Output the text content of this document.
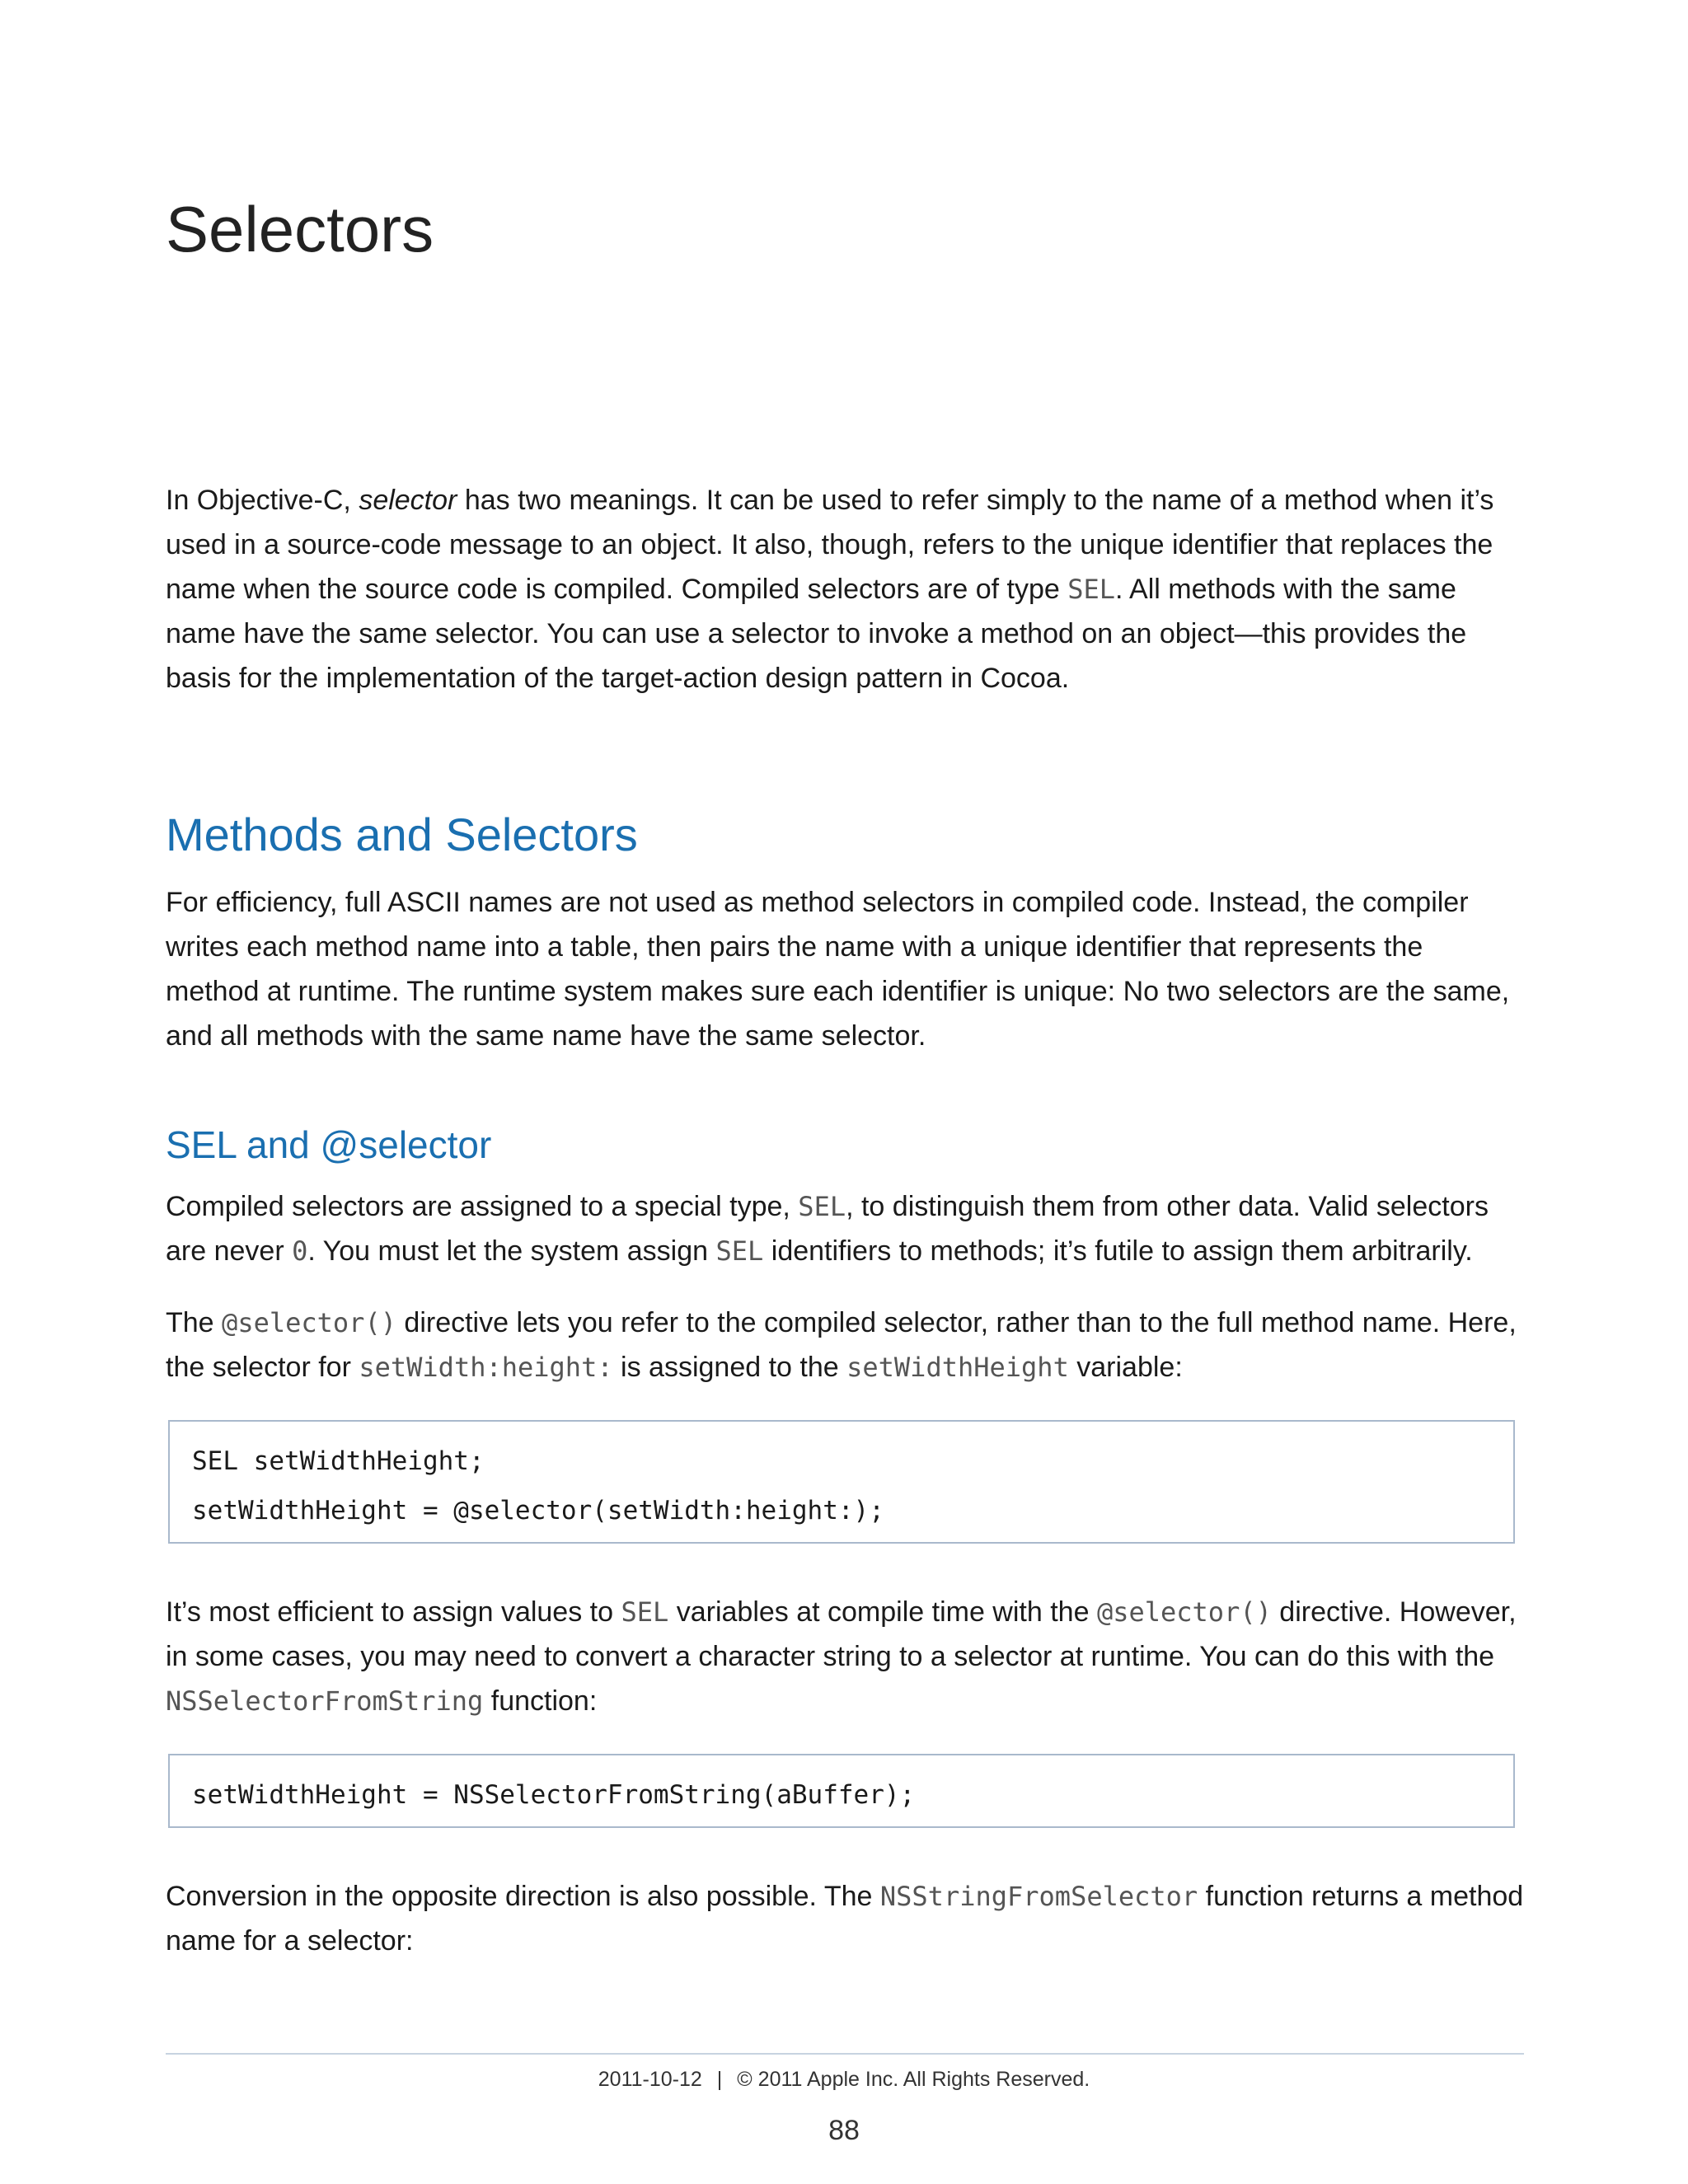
Selectors

In Objective-C, selector has two meanings. It can be used to refer simply to the name of a method when it’s used in a source-code message to an object. It also, though, refers to the unique identifier that replaces the name when the source code is compiled. Compiled selectors are of type SEL. All methods with the same name have the same selector. You can use a selector to invoke a method on an object—this provides the basis for the implementation of the target-action design pattern in Cocoa.

Methods and Selectors

For efficiency, full ASCII names are not used as method selectors in compiled code. Instead, the compiler writes each method name into a table, then pairs the name with a unique identifier that represents the method at runtime. The runtime system makes sure each identifier is unique: No two selectors are the same, and all methods with the same name have the same selector.

SEL and @selector

Compiled selectors are assigned to a special type, SEL, to distinguish them from other data. Valid selectors are never 0. You must let the system assign SEL identifiers to methods; it’s futile to assign them arbitrarily.

The @selector() directive lets you refer to the compiled selector, rather than to the full method name. Here, the selector for setWidth:height: is assigned to the setWidthHeight variable:

SEL setWidthHeight;
setWidthHeight = @selector(setWidth:height:);

It’s most efficient to assign values to SEL variables at compile time with the @selector() directive. However, in some cases, you may need to convert a character string to a selector at runtime. You can do this with the NSSelectorFromString function:

setWidthHeight = NSSelectorFromString(aBuffer);

Conversion in the opposite direction is also possible. The NSStringFromSelector function returns a method name for a selector:

2011-10-12 | © 2011 Apple Inc. All Rights Reserved.
88
